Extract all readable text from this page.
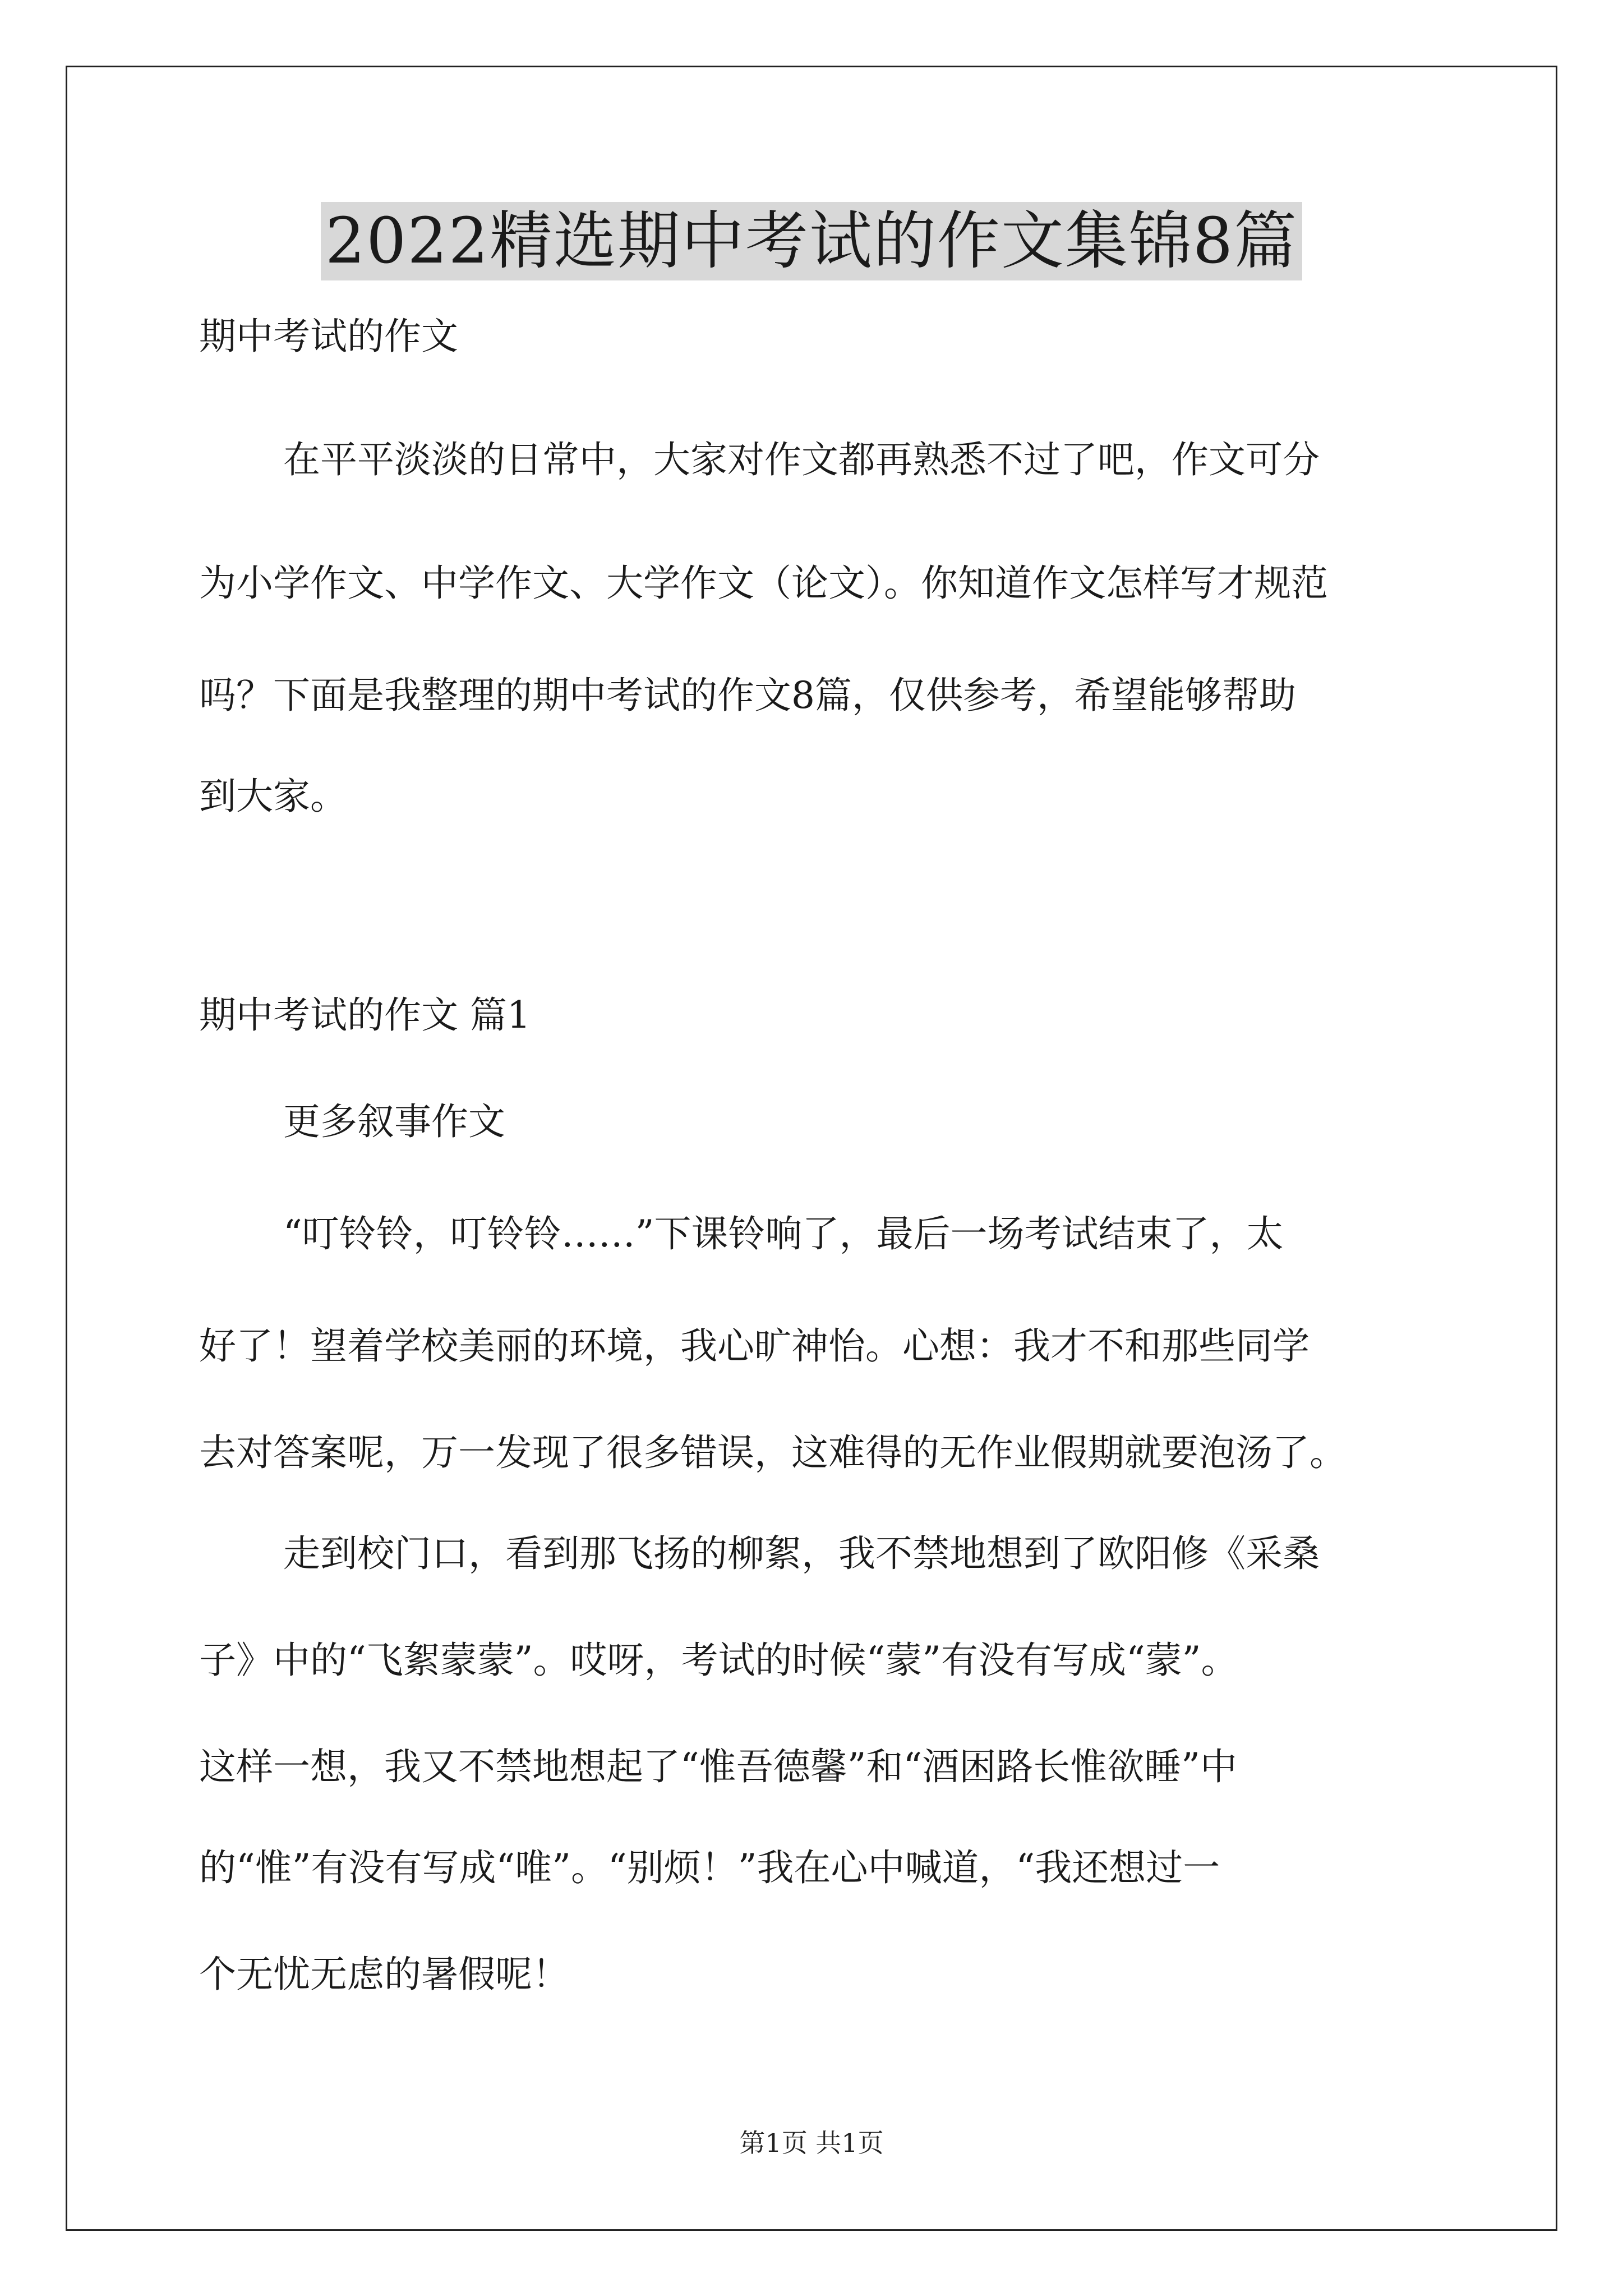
2022精选期中考试的作文集锦8篇
期中考试的作文
在平平淡淡的日常中，大家对作文都再熟悉不过了吧，作文可分
为小学作文、中学作文、大学作文（论文）。你知道作文怎样写才规范
吗？下面是我整理的期中考试的作文8篇，仅供参考，希望能够帮助
到大家。
期中考试的作文 篇1
更多叙事作文
“叮铃铃，叮铃铃……”下课铃响了，最后一场考试结束了，太
好了！望着学校美丽的环境，我心旷神怡。心想：我才不和那些同学
去对答案呢，万一发现了很多错误，这难得的无作业假期就要泡汤了。
走到校门口，看到那飞扬的柳絮，我不禁地想到了欧阳修《采桑
子》中的“飞絮蒙蒙”。哎呀，考试的时候“蒙”有没有写成“蒙”。
这样一想，我又不禁地想起了“惟吾德馨”和“酒困路长惟欲睡”中
的“惟”有没有写成“唯”。“别烦！”我在心中喊道，“我还想过一
个无忧无虑的暑假呢！
第1页 共1页
